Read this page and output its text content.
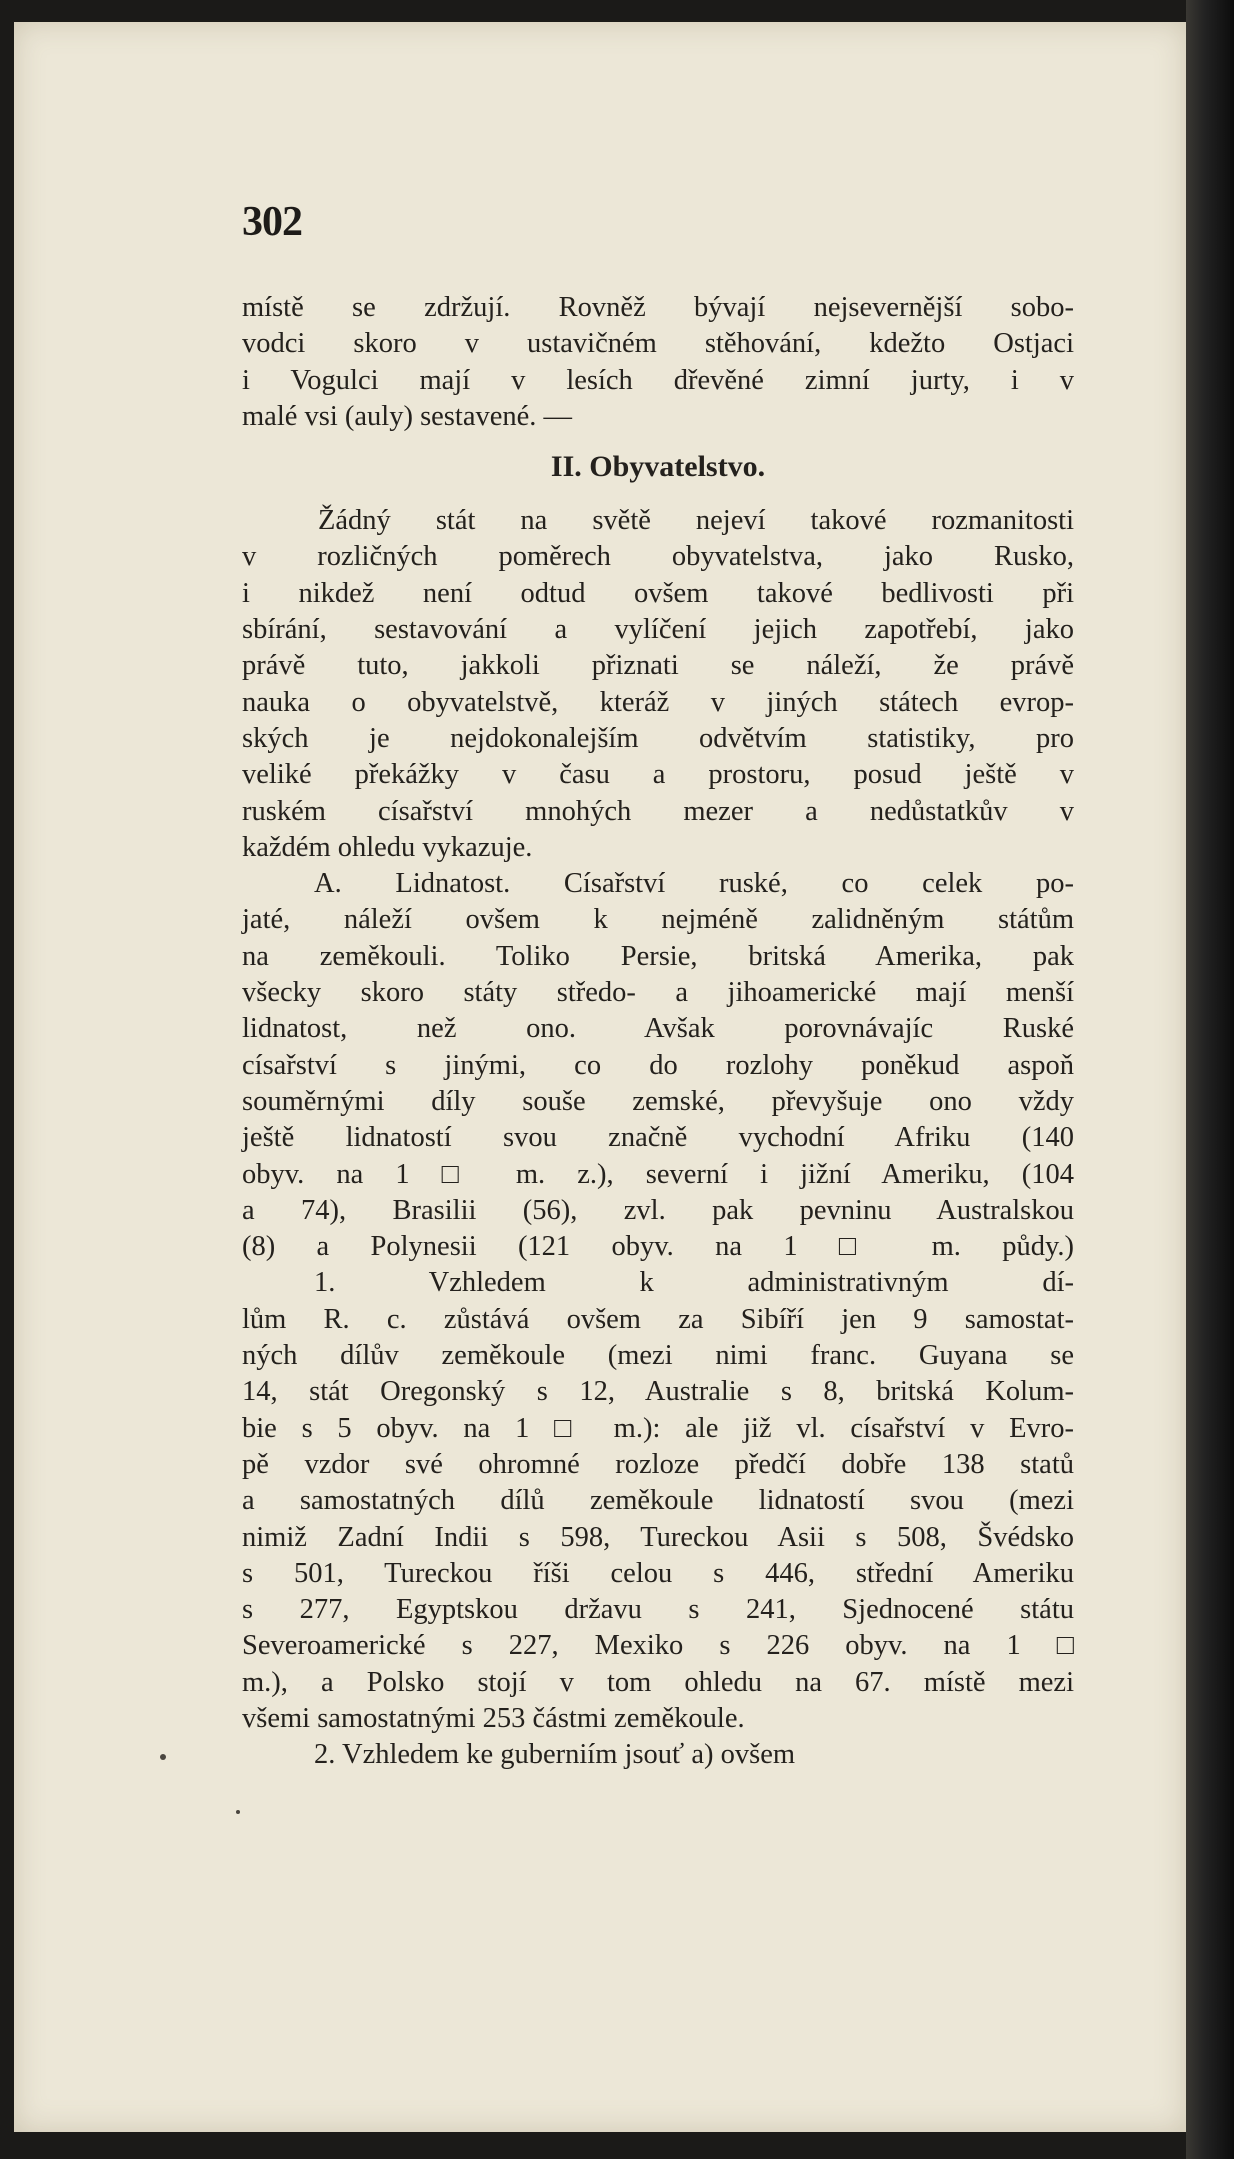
302
místě se zdržují. Rovněž bývají nejsevernější sobo-
vodci skoro v ustavičném stěhování, kdežto Ostjaci
i Vogulci mají v lesích dřevěné zimní jurty, i v
malé vsi (auly) sestavené. —
II. Obyvatelstvo.
Žádný stát na světě nejeví takové rozmanitosti
v rozličných poměrech obyvatelstva, jako Rusko,
i nikdež není odtud ovšem takové bedlivosti při
sbírání, sestavování a vylíčení jejich zapotřebí, jako
právě tuto, jakkoli přiznati se náleží, že právě
nauka o obyvatelstvě, kteráž v jiných státech evrop-
ských je nejdokonalejším odvětvím statistiky, pro
veliké překážky v času a prostoru, posud ještě v
ruském císařství mnohých mezer a nedůstatkův v
každém ohledu vykazuje.
A. Lidnatost. Císařství ruské, co celek po-
jaté, náleží ovšem k nejméně zalidněným státům
na zeměkouli. Toliko Persie, britská Amerika, pak
všecky skoro státy středo- a jihoamerické mají menší
lidnatost, než ono. Avšak porovnávajíc Ruské
císařství s jinými, co do rozlohy poněkud aspoň
souměrnými díly souše zemské, převyšuje ono vždy
ještě lidnatostí svou značně vychodní Afriku (140
obyv. na 1 □ m. z.), severní i jižní Ameriku, (104
a 74), Brasilii (56), zvl. pak pevninu Australskou
(8) a Polynesii (121 obyv. na 1 □ m. půdy.)
1. Vzhledem k administrativným dí-
lům R. c. zůstává ovšem za Sibíří jen 9 samostat-
ných dílův zeměkoule (mezi nimi franc. Guyana se
14, stát Oregonský s 12, Australie s 8, britská Kolum-
bie s 5 obyv. na 1 □ m.): ale již vl. císařství v Evro-
pě vzdor své ohromné rozloze předčí dobře 138 statů
a samostatných dílů zeměkoule lidnatostí svou (mezi
nimiž Zadní Indii s 598, Tureckou Asii s 508, Švédsko
s 501, Tureckou říši celou s 446, střední Ameriku
s 277, Egyptskou državu s 241, Sjednocené státu
Severoamerické s 227, Mexiko s 226 obyv. na 1 □
m.), a Polsko stojí v tom ohledu na 67. místě mezi
všemi samostatnými 253 částmi zeměkoule.
2. Vzhledem ke guberniím jsouť a) ovšem
